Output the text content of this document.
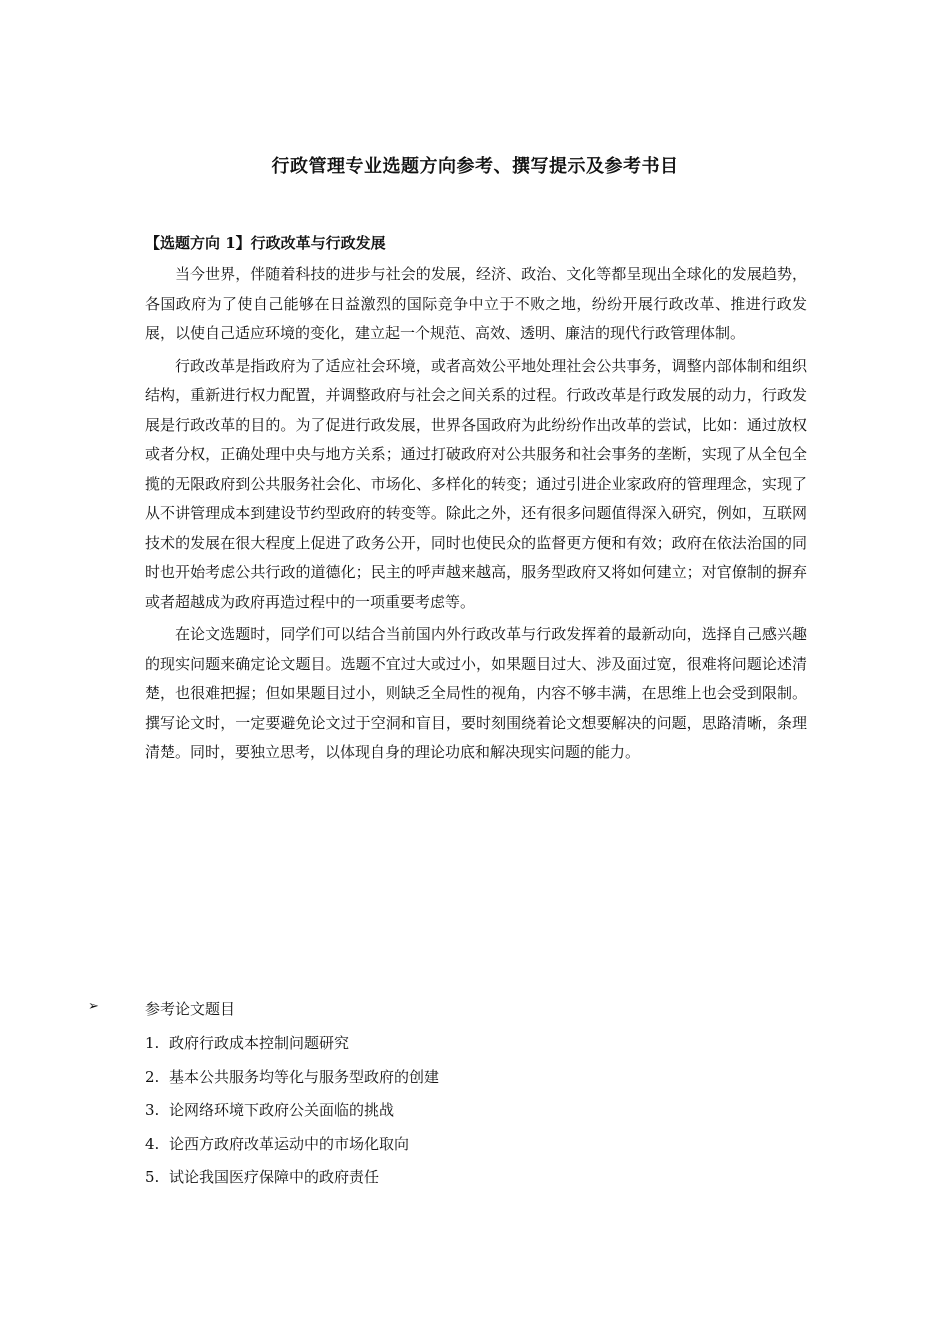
行政管理专业选题方向参考、撰写提示及参考书目
【选题方向 1】行政改革与行政发展

当今世界，伴随着科技的进步与社会的发展，经济、政治、文化等都呈现出全球化的发展趋势，各国政府为了使自己能够在日益激烈的国际竞争中立于不败之地，纷纷开展行政改革、推进行政发展，以使自己适应环境的变化，建立起一个规范、高效、透明、廉洁的现代行政管理体制。

行政改革是指政府为了适应社会环境，或者高效公平地处理社会公共事务，调整内部体制和组织结构，重新进行权力配置，并调整政府与社会之间关系的过程。行政改革是行政发展的动力，行政发展是行政改革的目的。为了促进行政发展，世界各国政府为此纷纷作出改革的尝试，比如：通过放权或者分权，正确处理中央与地方关系；通过打破政府对公共服务和社会事务的垄断，实现了从全包全揽的无限政府到公共服务社会化、市场化、多样化的转变；通过引进企业家政府的管理理念，实现了从不讲管理成本到建设节约型政府的转变等。除此之外，还有很多问题值得深入研究，例如，互联网技术的发展在很大程度上促进了政务公开，同时也使民众的监督更方便和有效；政府在依法治国的同时也开始考虑公共行政的道德化；民主的呼声越来越高，服务型政府又将如何建立；对官僚制的摒弃或者超越成为政府再造过程中的一项重要考虑等。

在论文选题时，同学们可以结合当前国内外行政改革与行政发挥着的最新动向，选择自己感兴趣的现实问题来确定论文题目。选题不宜过大或过小，如果题目过大、涉及面过宽，很难将问题论述清楚，也很难把握；但如果题目过小，则缺乏全局性的视角，内容不够丰满，在思维上也会受到限制。撰写论文时，一定要避免论文过于空洞和盲目，要时刻围绕着论文想要解决的问题，思路清晰，条理清楚。同时，要独立思考，以体现自身的理论功底和解决现实问题的能力。

➢	参考论文题目
1. 政府行政成本控制问题研究
2. 基本公共服务均等化与服务型政府的创建
3. 论网络环境下政府公关面临的挑战
4. 论西方政府改革运动中的市场化取向
5. 试论我国医疗保障中的政府责任
